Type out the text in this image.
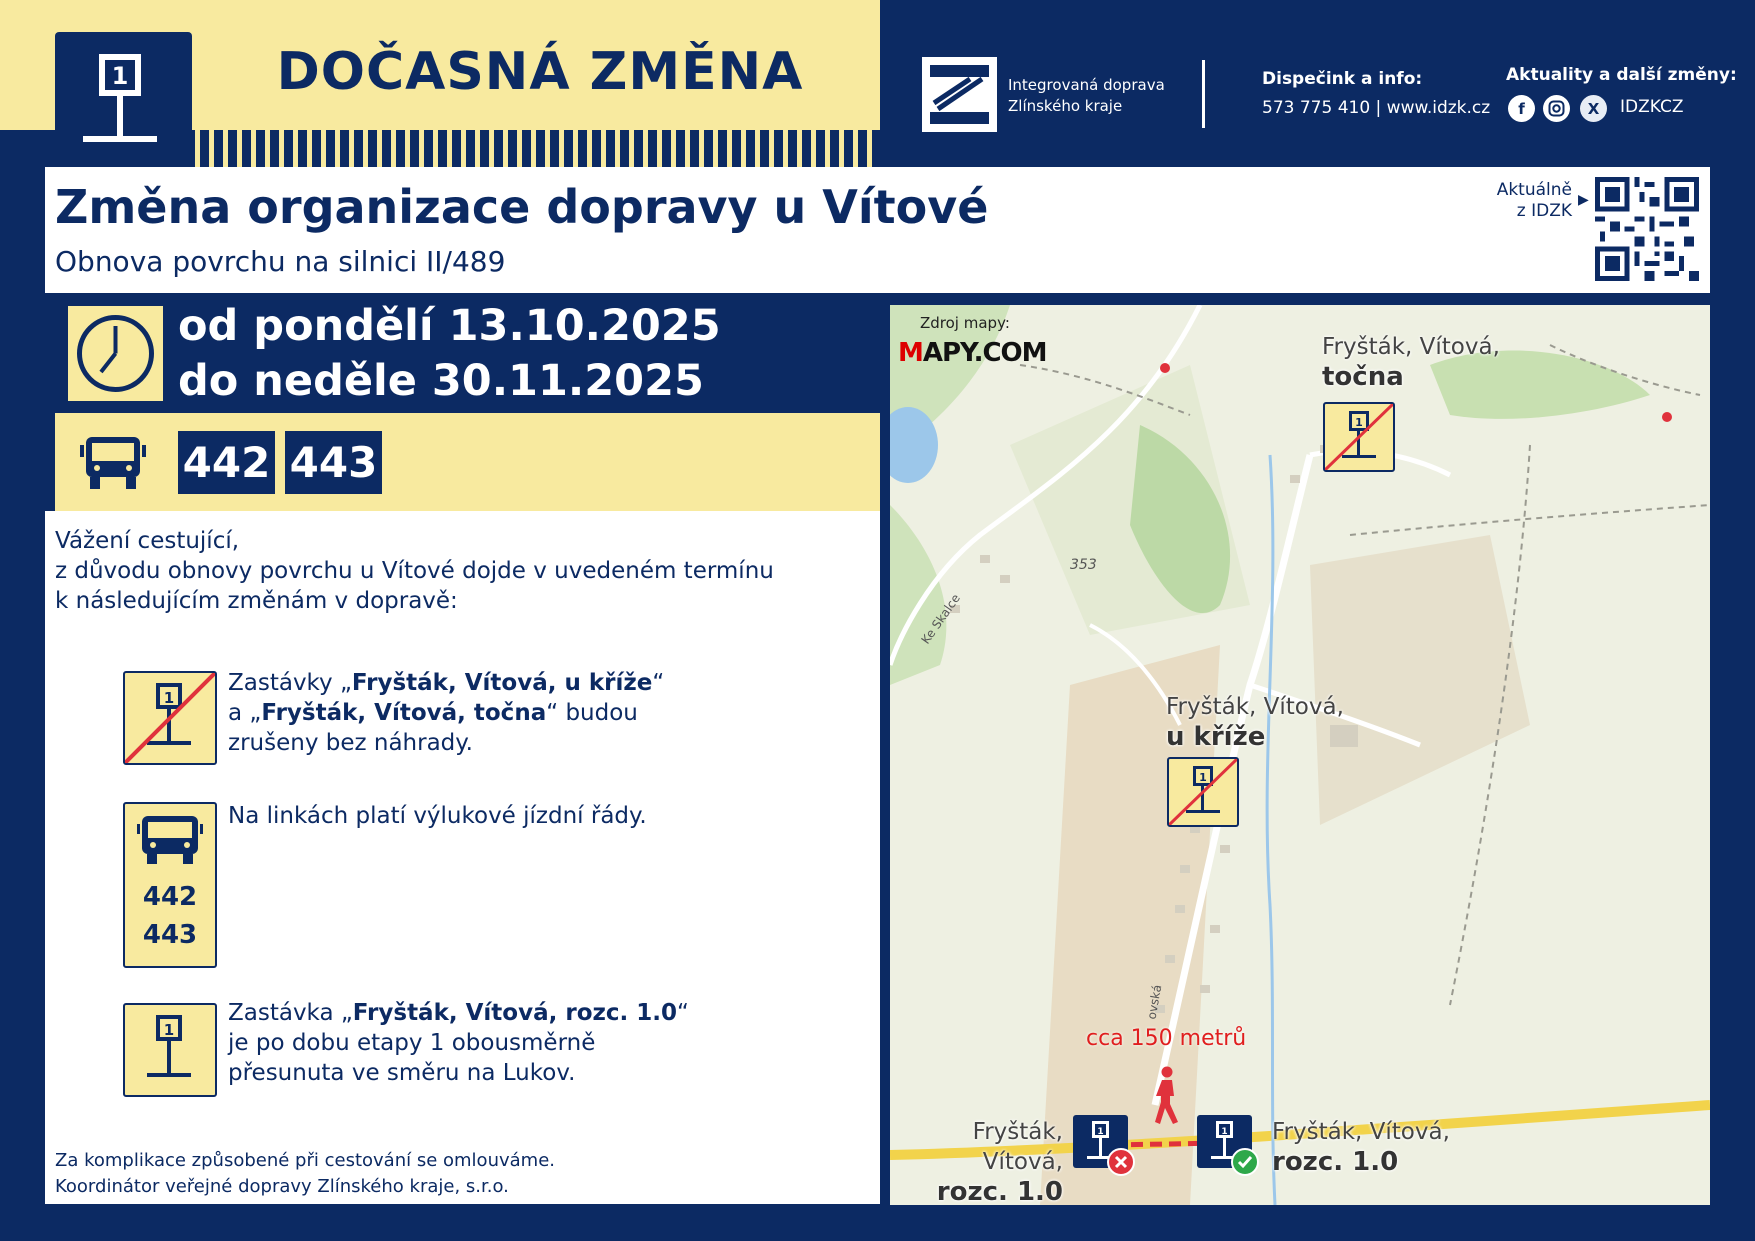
1	DOČASNÁ ZMĚNA	Integrovaná doprava
Zlínského kraje
Dispečink a info:
573 775 410 | www.idzk.cz
Aktuality a další změny:
f	X	IDZKCZ
Změna organizace dopravy u Vítové
Obnova povrchu na silnici II/489
Aktuálně
z IDZK
▶
od pondělí 13.10.2025
do neděle 30.11.2025
442 443
Vážení cestující,
z důvodu obnovy povrchu u Vítové dojde v uvedeném termínu
k následujícím změnám v dopravě:
1
Zastávky „Fryšták, Vítová, u kříže“
a „Fryšták, Vítová, točna“ budou
zrušeny bez náhrady.
442
443
Na linkách platí výlukové jízdní řády.
1
Zastávka „Fryšták, Vítová, rozc. 1.0“
je po dobu etapy 1 obousměrně
přesunuta ve směru na Lukov.
Za komplikace způsobené při cestování se omlouváme.
Koordinátor veřejné dopravy Zlínského kraje, s.r.o.
Zdroj mapy:
MAPY.COM
353
Ke Skalce
ovská
Fryšták, Vítová,
točna
1
Fryšták, Vítová,
u kříže
1
cca 150 metrů
Fryšták, Vítová,
rozc. 1.0
1	1 Fryšták, Vítová,
rozc. 1.0
